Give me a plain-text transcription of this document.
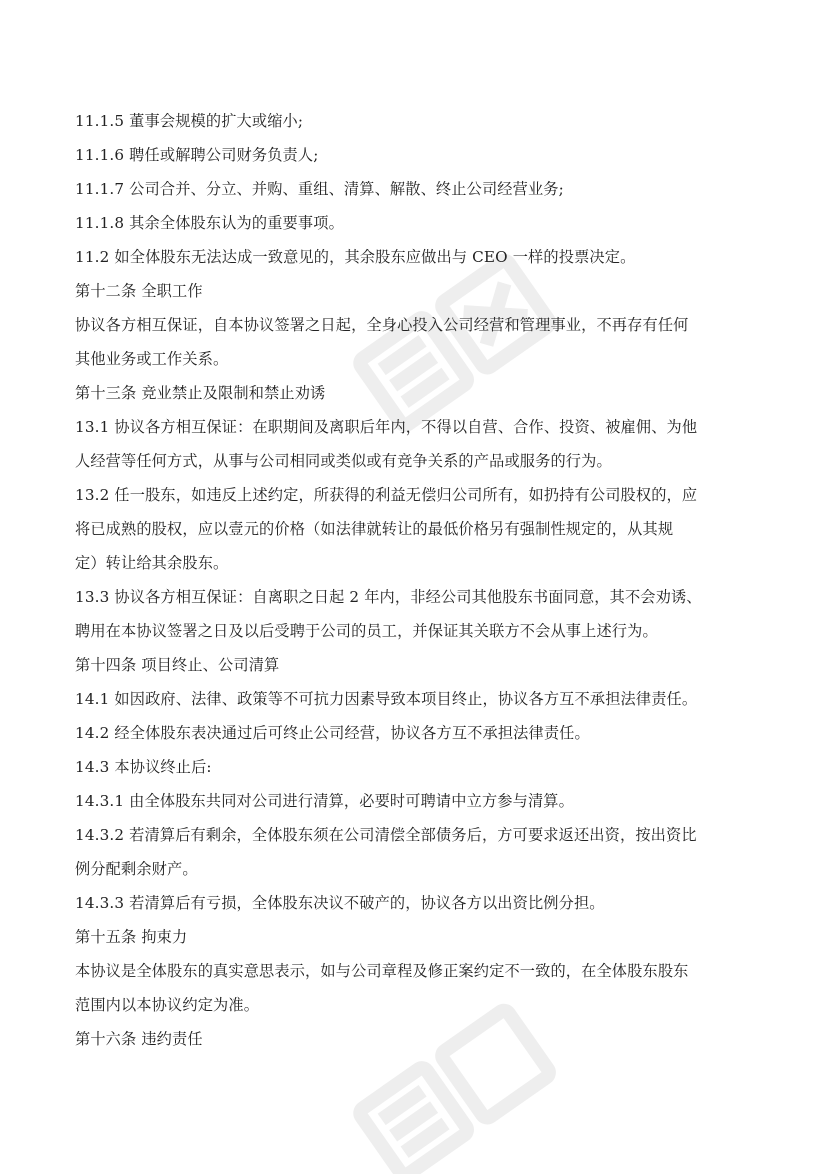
11.1.5 董事会规模的扩大或缩小;
11.1.6 聘任或解聘公司财务负责人;
11.1.7 公司合并、分立、并购、重组、清算、解散、终止公司经营业务;
11.1.8 其余全体股东认为的重要事项。
11.2 如全体股东无法达成一致意见的，其余股东应做出与 CEO 一样的投票决定。
第十二条 全职工作
协议各方相互保证，自本协议签署之日起，全身心投入公司经营和管理事业，不再存有任何
其他业务或工作关系。
第十三条 竞业禁止及限制和禁止劝诱
13.1 协议各方相互保证：在职期间及离职后年内，不得以自营、合作、投资、被雇佣、为他
人经营等任何方式，从事与公司相同或类似或有竞争关系的产品或服务的行为。
13.2 任一股东，如违反上述约定，所获得的利益无偿归公司所有，如扔持有公司股权的，应
将已成熟的股权，应以壹元的价格（如法律就转让的最低价格另有强制性规定的，从其规
定）转让给其余股东。
13.3 协议各方相互保证：自离职之日起 2 年内，非经公司其他股东书面同意，其不会劝诱、
聘用在本协议签署之日及以后受聘于公司的员工，并保证其关联方不会从事上述行为。
第十四条 项目终止、公司清算
14.1 如因政府、法律、政策等不可抗力因素导致本项目终止，协议各方互不承担法律责任。
14.2 经全体股东表决通过后可终止公司经营，协议各方互不承担法律责任。
14.3 本协议终止后:
14.3.1 由全体股东共同对公司进行清算，必要时可聘请中立方参与清算。
14.3.2 若清算后有剩余，全体股东须在公司清偿全部债务后，方可要求返还出资，按出资比
例分配剩余财产。
14.3.3 若清算后有亏损，全体股东决议不破产的，协议各方以出资比例分担。
第十五条 拘束力
本协议是全体股东的真实意思表示，如与公司章程及修正案约定不一致的，在全体股东股东
范围内以本协议约定为准。
第十六条 违约责任
